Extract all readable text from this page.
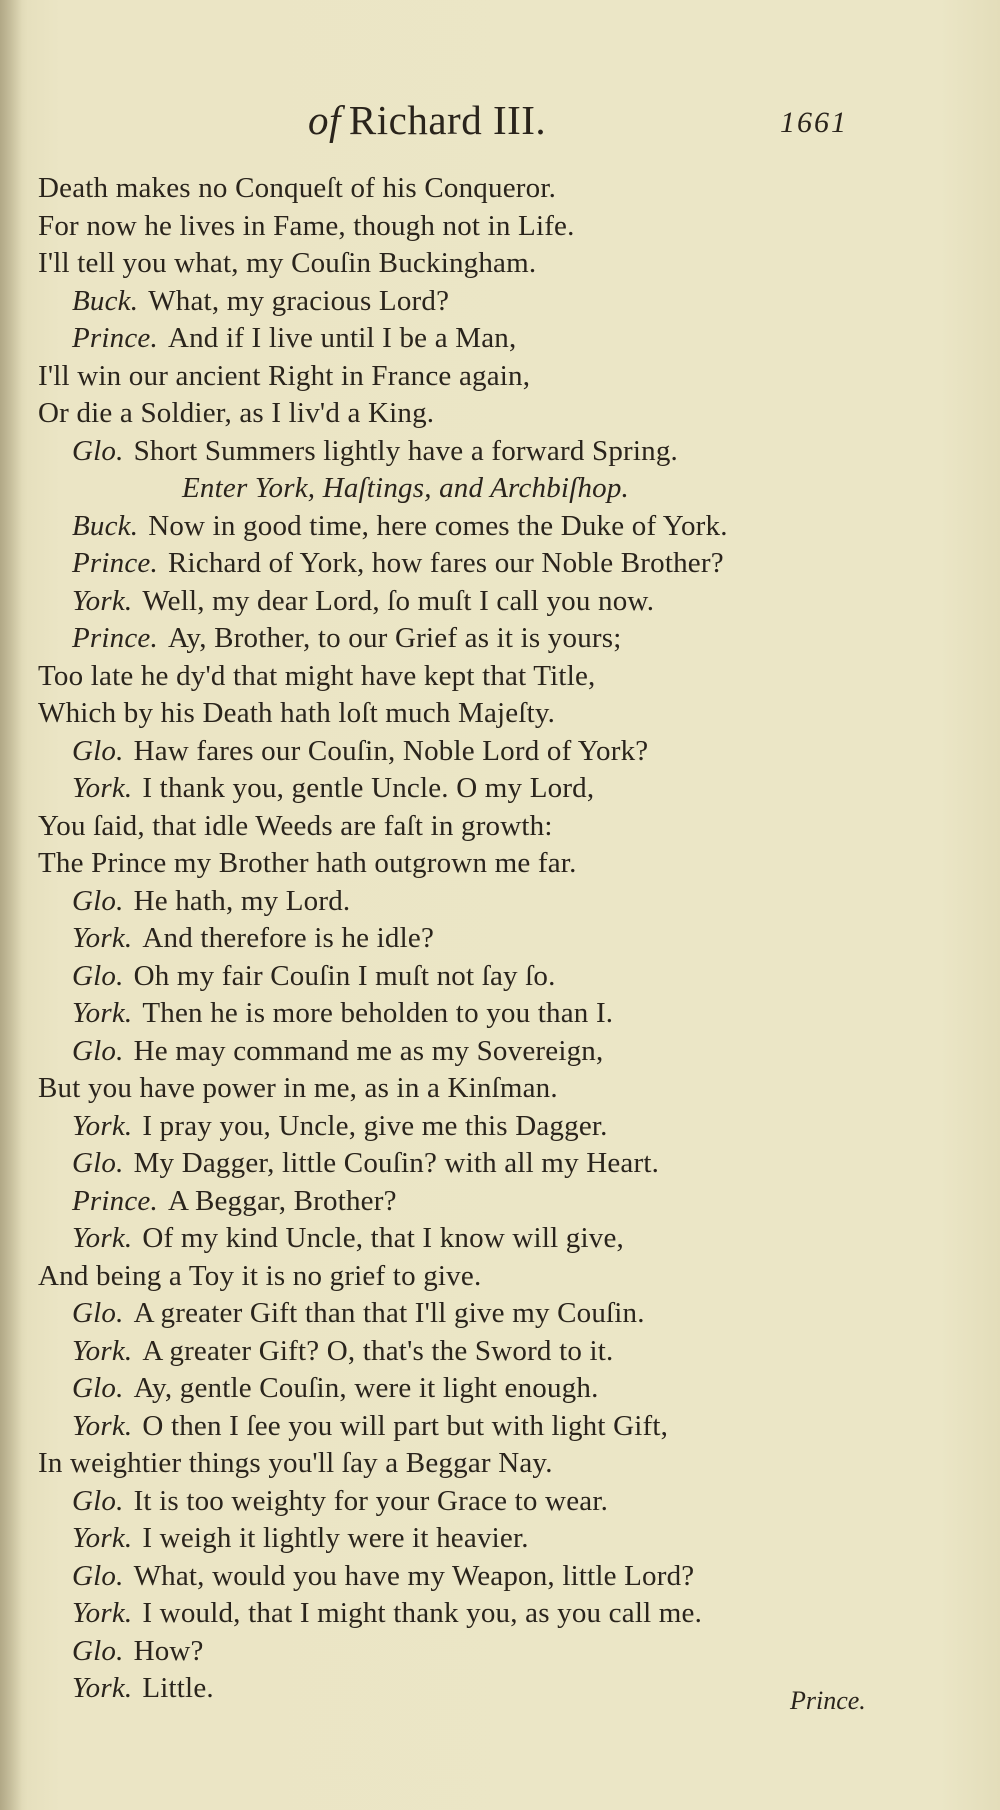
of Richard III.	1661
Death makes no Conqueſt of his Conqueror.
For now he lives in Fame, though not in Life.
I'll tell you what, my Couſin Buckingham.
Buck. What, my gracious Lord?
Prince. And if I live until I be a Man,
I'll win our ancient Right in France again,
Or die a Soldier, as I liv'd a King.
Glo. Short Summers lightly have a forward Spring.
Enter York, Haſtings, and Archbiſhop.
Buck. Now in good time, here comes the Duke of York.
Prince. Richard of York, how fares our Noble Brother?
York. Well, my dear Lord, ſo muſt I call you now.
Prince. Ay, Brother, to our Grief as it is yours;
Too late he dy'd that might have kept that Title,
Which by his Death hath loſt much Majeſty.
Glo. Haw fares our Couſin, Noble Lord of York?
York. I thank you, gentle Uncle. O my Lord,
You ſaid, that idle Weeds are faſt in growth:
The Prince my Brother hath outgrown me far.
Glo. He hath, my Lord.
York. And therefore is he idle?
Glo. Oh my fair Couſin I muſt not ſay ſo.
York. Then he is more beholden to you than I.
Glo. He may command me as my Sovereign,
But you have power in me, as in a Kinſman.
York. I pray you, Uncle, give me this Dagger.
Glo. My Dagger, little Couſin? with all my Heart.
Prince. A Beggar, Brother?
York. Of my kind Uncle, that I know will give,
And being a Toy it is no grief to give.
Glo. A greater Gift than that I'll give my Couſin.
York. A greater Gift? O, that's the Sword to it.
Glo. Ay, gentle Couſin, were it light enough.
York. O then I ſee you will part but with light Gift,
In weightier things you'll ſay a Beggar Nay.
Glo. It is too weighty for your Grace to wear.
York. I weigh it lightly were it heavier.
Glo. What, would you have my Weapon, little Lord?
York. I would, that I might thank you, as you call me.
Glo. How?
York. Little.	Prince.
